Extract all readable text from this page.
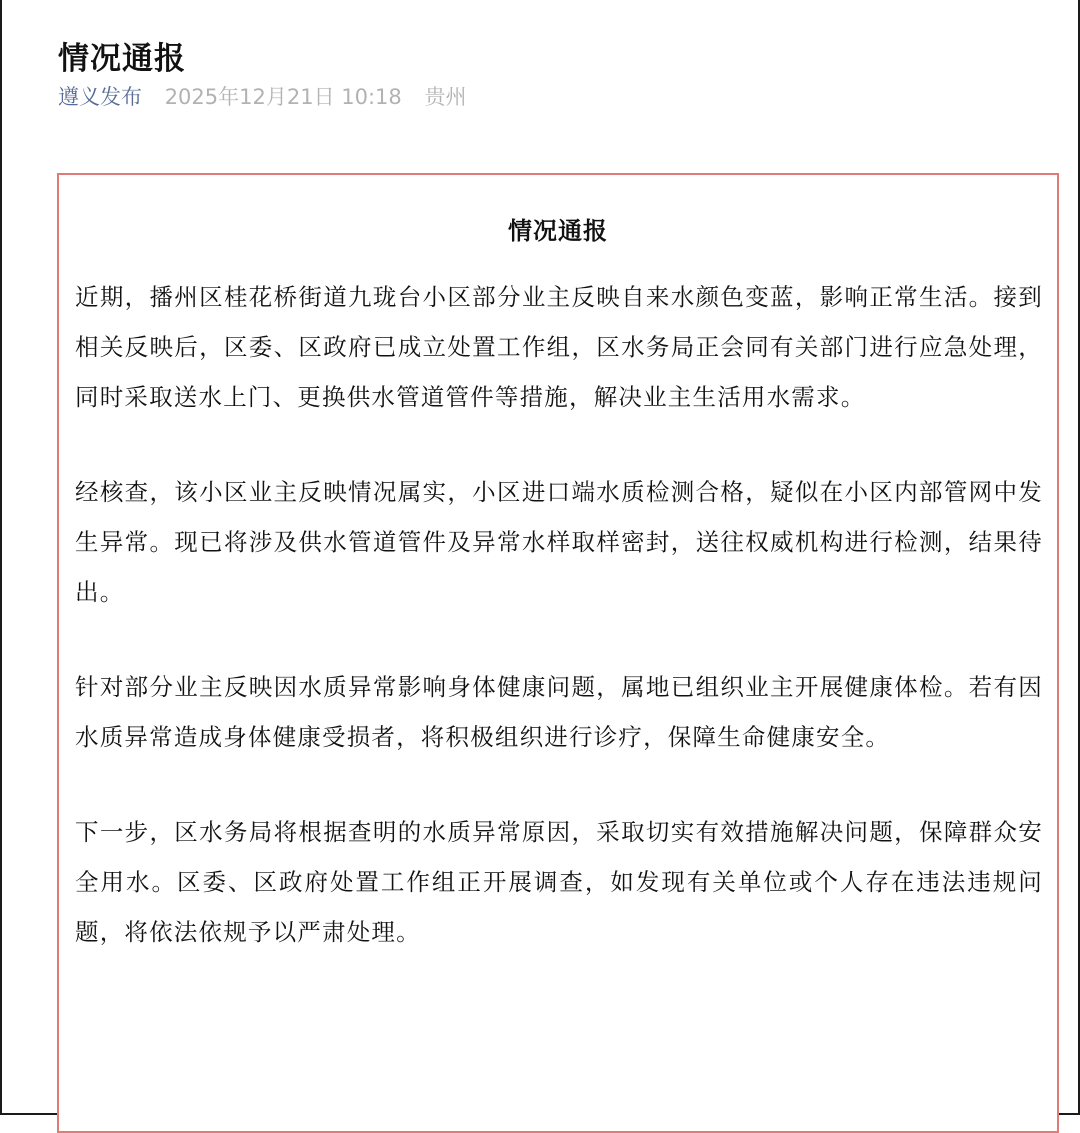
情况通报
遵义发布 2025年12月21日 10:18 贵州
情况通报

近期，播州区桂花桥街道九珑台小区部分业主反映自来水颜色变蓝，影响正常生活。接到相关反映后，区委、区政府已成立处置工作组，区水务局正会同有关部门进行应急处理，同时采取送水上门、更换供水管道管件等措施，解决业主生活用水需求。

经核查，该小区业主反映情况属实，小区进口端水质检测合格，疑似在小区内部管网中发生异常。现已将涉及供水管道管件及异常水样取样密封，送往权威机构进行检测，结果待出。

针对部分业主反映因水质异常影响身体健康问题，属地已组织业主开展健康体检。若有因水质异常造成身体健康受损者，将积极组织进行诊疗，保障生命健康安全。

下一步，区水务局将根据查明的水质异常原因，采取切实有效措施解决问题，保障群众安全用水。区委、区政府处置工作组正开展调查，如发现有关单位或个人存在违法违规问题，将依法依规予以严肃处理。
